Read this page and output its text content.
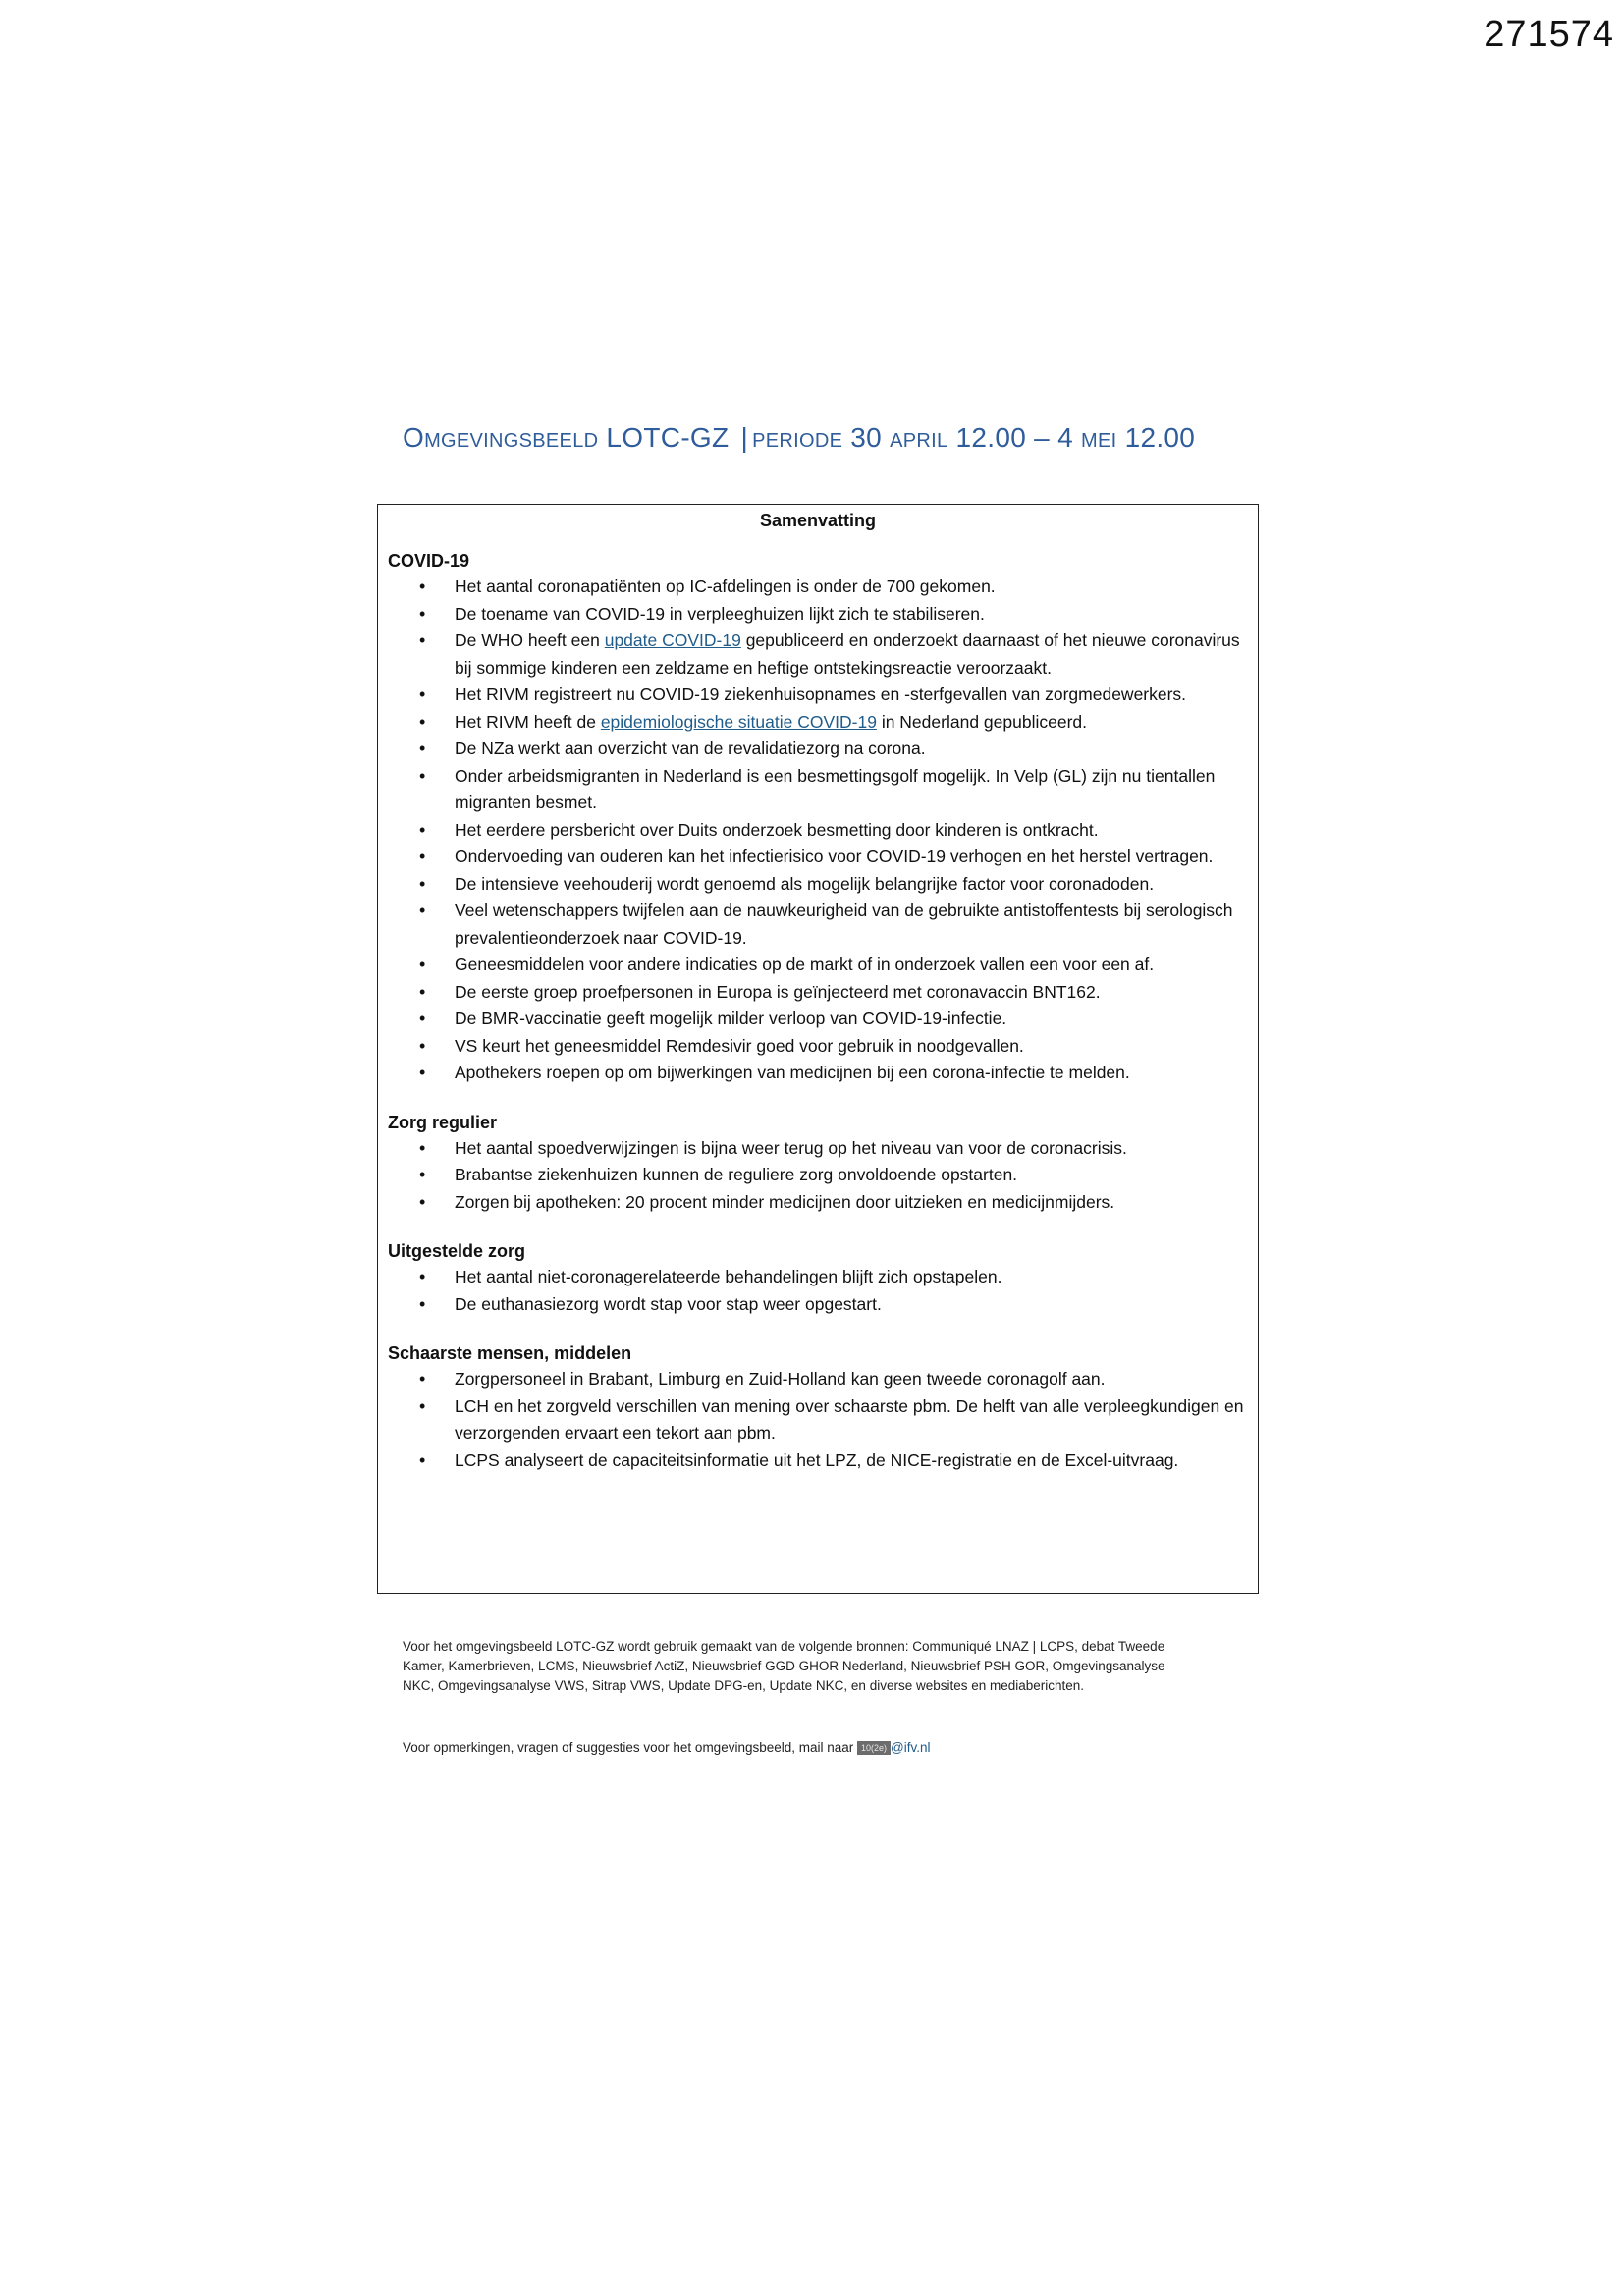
271574
Omgevingsbeeld LOTC-GZ | periode 30 april 12.00 – 4 mei 12.00
Samenvatting
COVID-19
• Het aantal coronapatiënten op IC-afdelingen is onder de 700 gekomen.
• De toename van COVID-19 in verpleeghuizen lijkt zich te stabiliseren.
• De WHO heeft een update COVID-19 gepubliceerd en onderzoekt daarnaast of het nieuwe coronavirus bij sommige kinderen een zeldzame en heftige ontstekingsreactie veroorzaakt.
• Het RIVM registreert nu COVID-19 ziekenhuisopnames en -sterfgevallen van zorgmedewerkers.
• Het RIVM heeft de epidemiologische situatie COVID-19 in Nederland gepubliceerd.
• De NZa werkt aan overzicht van de revalidatiezorg na corona.
• Onder arbeidsmigranten in Nederland is een besmettingsgolf mogelijk. In Velp (GL) zijn nu tientallen migranten besmet.
• Het eerdere persbericht over Duits onderzoek besmetting door kinderen is ontkracht.
• Ondervoeding van ouderen kan het infectierisico voor COVID-19 verhogen en het herstel vertragen.
• De intensieve veehouderij wordt genoemd als mogelijk belangrijke factor voor coronadoden.
• Veel wetenschappers twijfelen aan de nauwkeurigheid van de gebruikte antistoffentests bij serologisch prevalentieonderzoek naar COVID-19.
• Geneesmiddelen voor andere indicaties op de markt of in onderzoek vallen een voor een af.
• De eerste groep proefpersonen in Europa is geïnjecteerd met coronavaccin BNT162.
• De BMR-vaccinatie geeft mogelijk milder verloop van COVID-19-infectie.
• VS keurt het geneesmiddel Remdesivir goed voor gebruik in noodgevallen.
• Apothekers roepen op om bijwerkingen van medicijnen bij een corona-infectie te melden.
Zorg regulier
• Het aantal spoedverwijzingen is bijna weer terug op het niveau van voor de coronacrisis.
• Brabantse ziekenhuizen kunnen de reguliere zorg onvoldoende opstarten.
• Zorgen bij apotheken: 20 procent minder medicijnen door uitzieken en medicijnmijders.
Uitgestelde zorg
• Het aantal niet-coronagerelateerde behandelingen blijft zich opstapelen.
• De euthanasiezorg wordt stap voor stap weer opgestart.
Schaarste mensen, middelen
• Zorgpersoneel in Brabant, Limburg en Zuid-Holland kan geen tweede coronagolf aan.
• LCH en het zorgveld verschillen van mening over schaarste pbm. De helft van alle verpleegkundigen en verzorgenden ervaart een tekort aan pbm.
• LCPS analyseert de capaciteitsinformatie uit het LPZ, de NICE-registratie en de Excel-uitvraag.
Voor het omgevingsbeeld LOTC-GZ wordt gebruik gemaakt van de volgende bronnen: Communiqué LNAZ | LCPS, debat Tweede Kamer, Kamerbrieven, LCMS, Nieuwsbrief ActiZ, Nieuwsbrief GGD GHOR Nederland, Nieuwsbrief PSH GOR, Omgevingsanalyse NKC, Omgevingsanalyse VWS, Sitrap VWS, Update DPG-en, Update NKC, en diverse websites en mediaberichten.
Voor opmerkingen, vragen of suggesties voor het omgevingsbeeld, mail naar 10(2e) @ifv.nl
